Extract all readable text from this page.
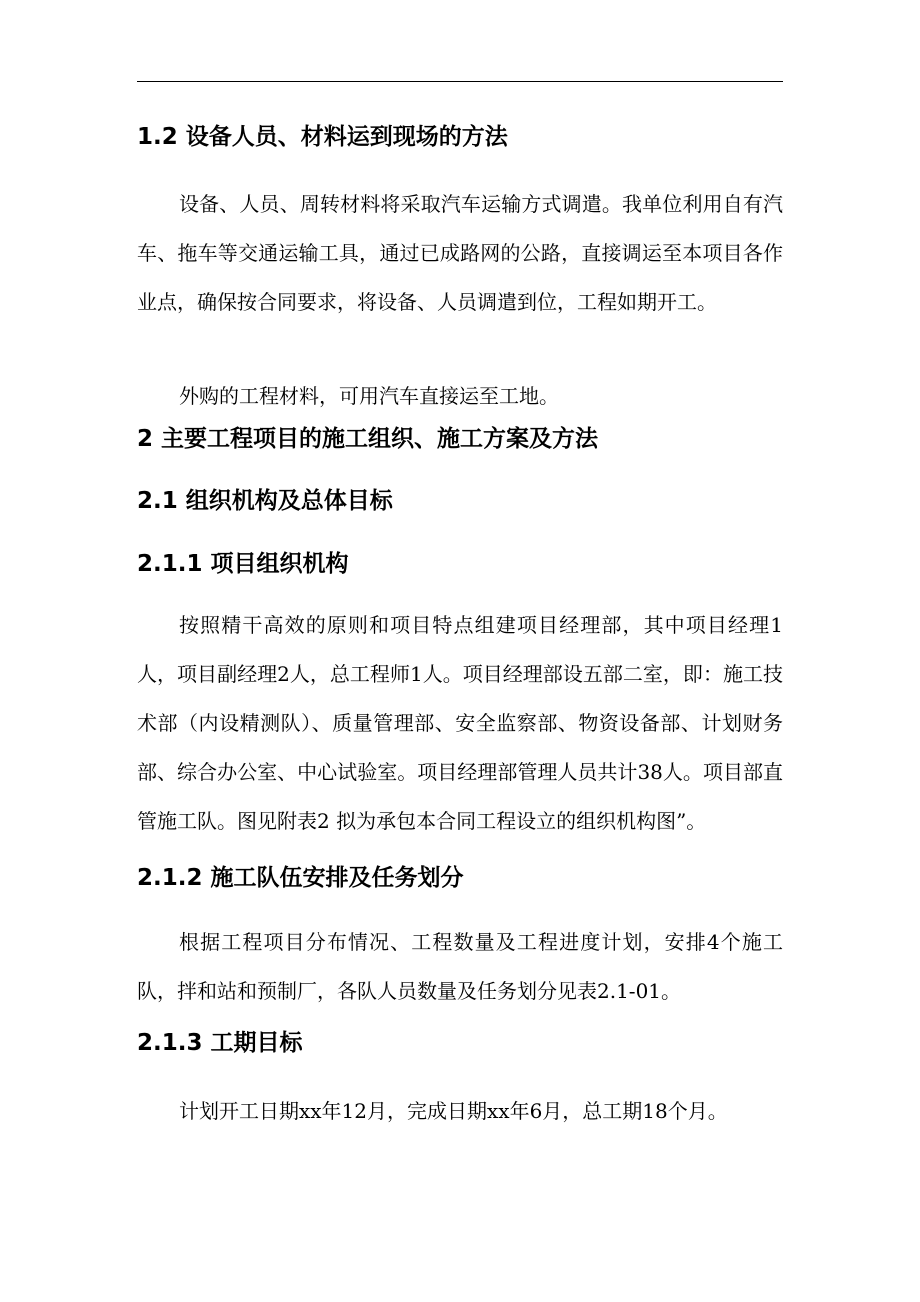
1.2 设备人员、材料运到现场的方法

设备、人员、周转材料将采取汽车运输方式调遣。我单位利用自有汽车、拖车等交通运输工具，通过已成路网的公路，直接调运至本项目各作业点，确保按合同要求，将设备、人员调遣到位，工程如期开工。

外购的工程材料，可用汽车直接运至工地。

2 主要工程项目的施工组织、施工方案及方法
2.1 组织机构及总体目标
2.1.1 项目组织机构

按照精干高效的原则和项目特点组建项目经理部，其中项目经理1人，项目副经理2人，总工程师1人。项目经理部设五部二室，即：施工技术部（内设精测队）、质量管理部、安全监察部、物资设备部、计划财务部、综合办公室、中心试验室。项目经理部管理人员共计38人。项目部直管施工队。图见附表2 拟为承包本合同工程设立的组织机构图”。

2.1.2 施工队伍安排及任务划分

根据工程项目分布情况、工程数量及工程进度计划，安排4个施工队，拌和站和预制厂，各队人员数量及任务划分见表2.1-01。

2.1.3 工期目标

计划开工日期xx年12月，完成日期xx年6月，总工期18个月。
